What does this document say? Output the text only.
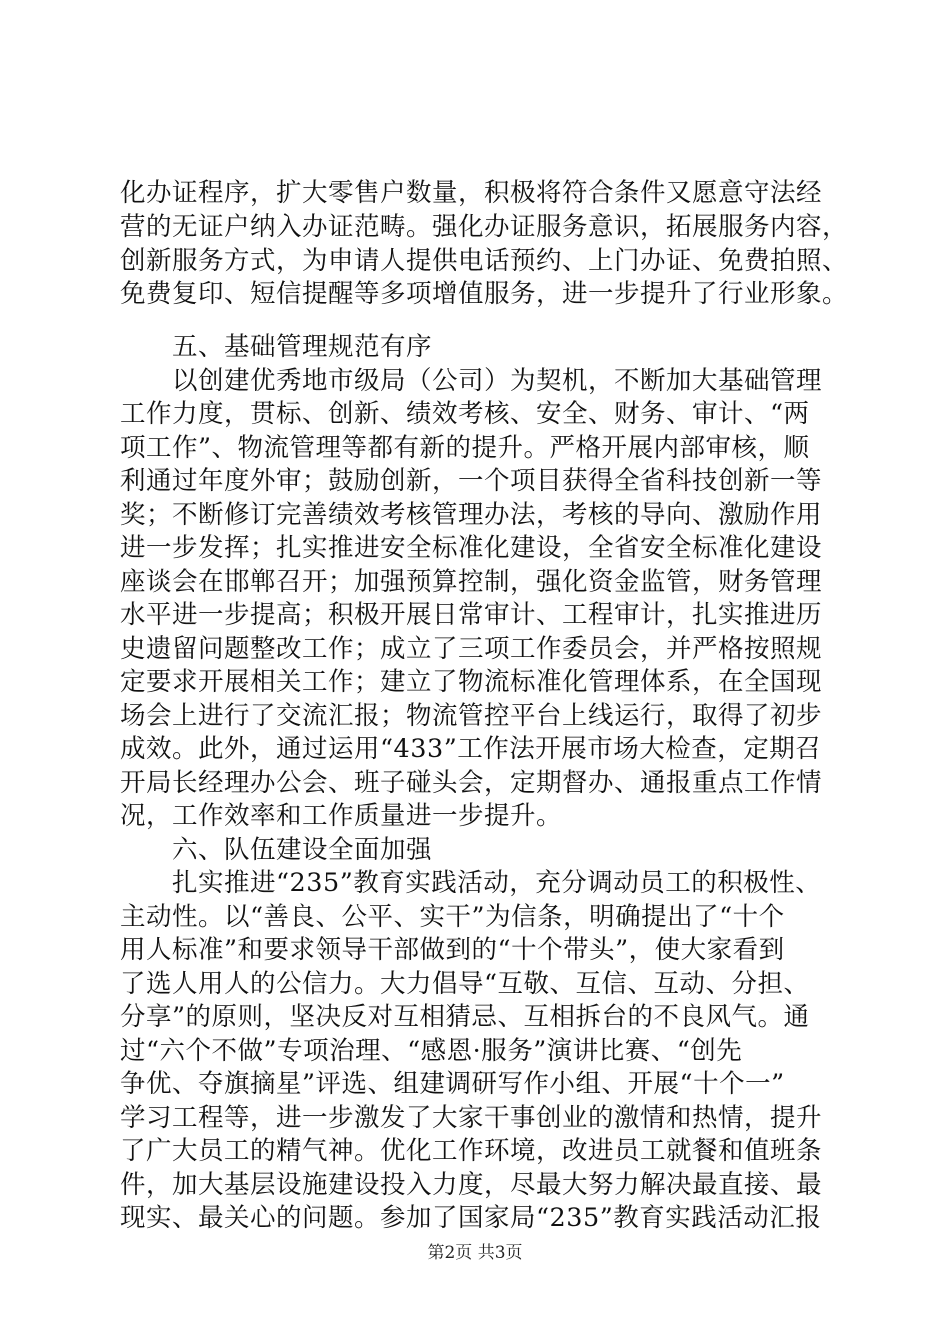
化办证程序，扩大零售户数量，积极将符合条件又愿意守法经
营的无证户纳入办证范畴。强化办证服务意识，拓展服务内容，
创新服务方式，为申请人提供电话预约、上门办证、免费拍照、
免费复印、短信提醒等多项增值服务，进一步提升了行业形象。
五、基础管理规范有序
以创建优秀地市级局（公司）为契机，不断加大基础管理
工作力度，贯标、创新、绩效考核、安全、财务、审计、“两
项工作”、物流管理等都有新的提升。严格开展内部审核，顺
利通过年度外审；鼓励创新，一个项目获得全省科技创新一等
奖；不断修订完善绩效考核管理办法，考核的导向、激励作用
进一步发挥；扎实推进安全标准化建设，全省安全标准化建设
座谈会在邯郸召开；加强预算控制，强化资金监管，财务管理
水平进一步提高；积极开展日常审计、工程审计，扎实推进历
史遗留问题整改工作；成立了三项工作委员会，并严格按照规
定要求开展相关工作；建立了物流标准化管理体系，在全国现
场会上进行了交流汇报；物流管控平台上线运行，取得了初步
成效。此外，通过运用“433”工作法开展市场大检查，定期召
开局长经理办公会、班子碰头会，定期督办、通报重点工作情
况，工作效率和工作质量进一步提升。
六、队伍建设全面加强
扎实推进“235”教育实践活动，充分调动员工的积极性、
主动性。以“善良、公平、实干”为信条，明确提出了“十个
用人标准”和要求领导干部做到的“十个带头”，使大家看到
了选人用人的公信力。大力倡导“互敬、互信、互动、分担、
分享”的原则，坚决反对互相猜忌、互相拆台的不良风气。通
过“六个不做”专项治理、“感恩·服务”演讲比赛、“创先
争优、夺旗摘星”评选、组建调研写作小组、开展“十个一”
学习工程等，进一步激发了大家干事创业的激情和热情，提升
了广大员工的精气神。优化工作环境，改进员工就餐和值班条
件，加大基层设施建设投入力度，尽最大努力解决最直接、最
现实、最关心的问题。参加了国家局“235”教育实践活动汇报
第2页 共3页
